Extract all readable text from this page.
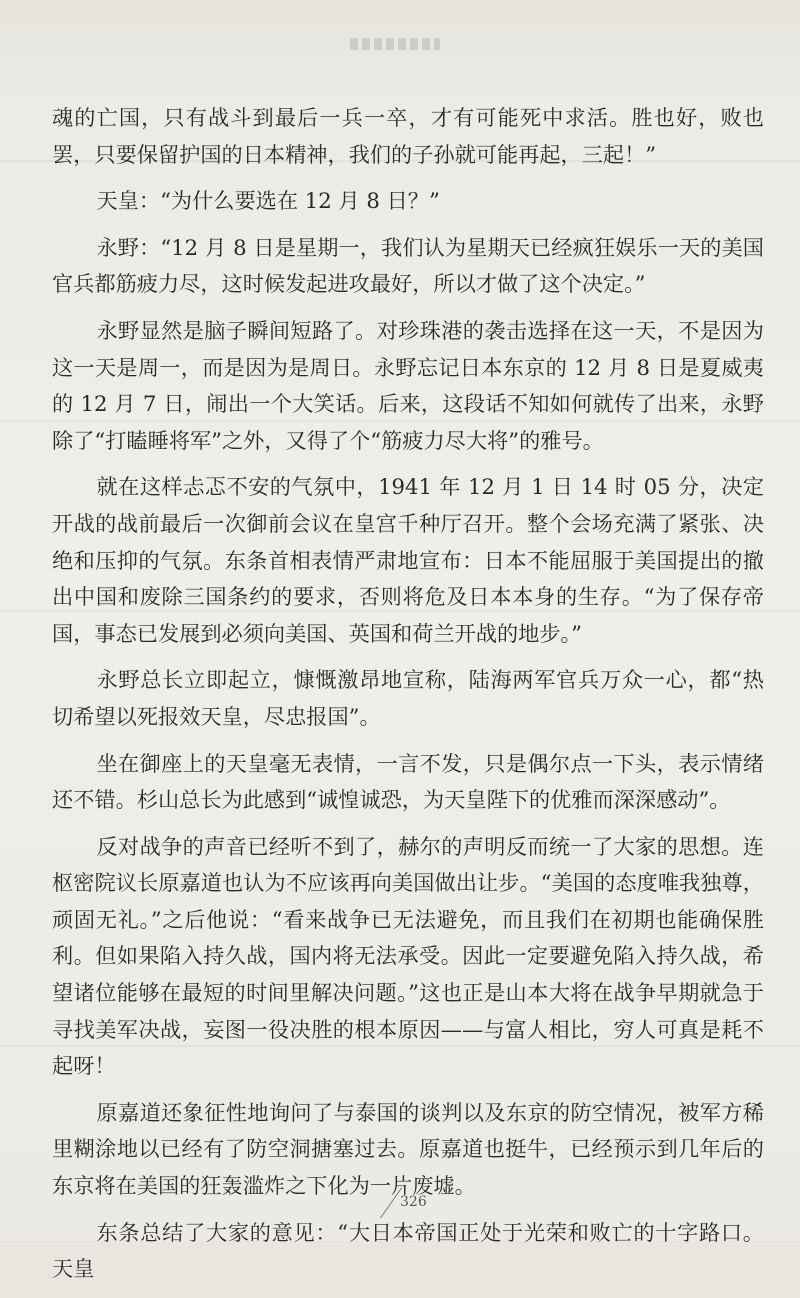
魂的亡国，只有战斗到最后一兵一卒，才有可能死中求活。胜也好，败也罢，只要保留护国的日本精神，我们的子孙就可能再起，三起！”

天皇：“为什么要选在 12 月 8 日？”

永野：“12 月 8 日是星期一，我们认为星期天已经疯狂娱乐一天的美国官兵都筋疲力尽，这时候发起进攻最好，所以才做了这个决定。”

永野显然是脑子瞬间短路了。对珍珠港的袭击选择在这一天，不是因为这一天是周一，而是因为是周日。永野忘记日本东京的 12 月 8 日是夏威夷的 12 月 7 日，闹出一个大笑话。后来，这段话不知如何就传了出来，永野除了“打瞌睡将军”之外，又得了个“筋疲力尽大将”的雅号。

就在这样忐忑不安的气氛中，1941 年 12 月 1 日 14 时 05 分，决定开战的战前最后一次御前会议在皇宫千种厅召开。整个会场充满了紧张、决绝和压抑的气氛。东条首相表情严肃地宣布：日本不能屈服于美国提出的撤出中国和废除三国条约的要求，否则将危及日本本身的生存。“为了保存帝国，事态已发展到必须向美国、英国和荷兰开战的地步。”

永野总长立即起立，慷慨激昂地宣称，陆海两军官兵万众一心，都“热切希望以死报效天皇，尽忠报国”。

坐在御座上的天皇毫无表情，一言不发，只是偶尔点一下头，表示情绪还不错。杉山总长为此感到“诚惶诚恐，为天皇陛下的优雅而深深感动”。

反对战争的声音已经听不到了，赫尔的声明反而统一了大家的思想。连枢密院议长原嘉道也认为不应该再向美国做出让步。“美国的态度唯我独尊，顽固无礼。”之后他说：“看来战争已无法避免，而且我们在初期也能确保胜利。但如果陷入持久战，国内将无法承受。因此一定要避免陷入持久战，希望诸位能够在最短的时间里解决问题。”这也正是山本大将在战争早期就急于寻找美军决战，妄图一役决胜的根本原因——与富人相比，穷人可真是耗不起呀！

原嘉道还象征性地询问了与泰国的谈判以及东京的防空情况，被军方稀里糊涂地以已经有了防空洞搪塞过去。原嘉道也挺牛，已经预示到几年后的东京将在美国的狂轰滥炸之下化为一片废墟。

东条总结了大家的意见：“大日本帝国正处于光荣和败亡的十字路口。天皇

326
